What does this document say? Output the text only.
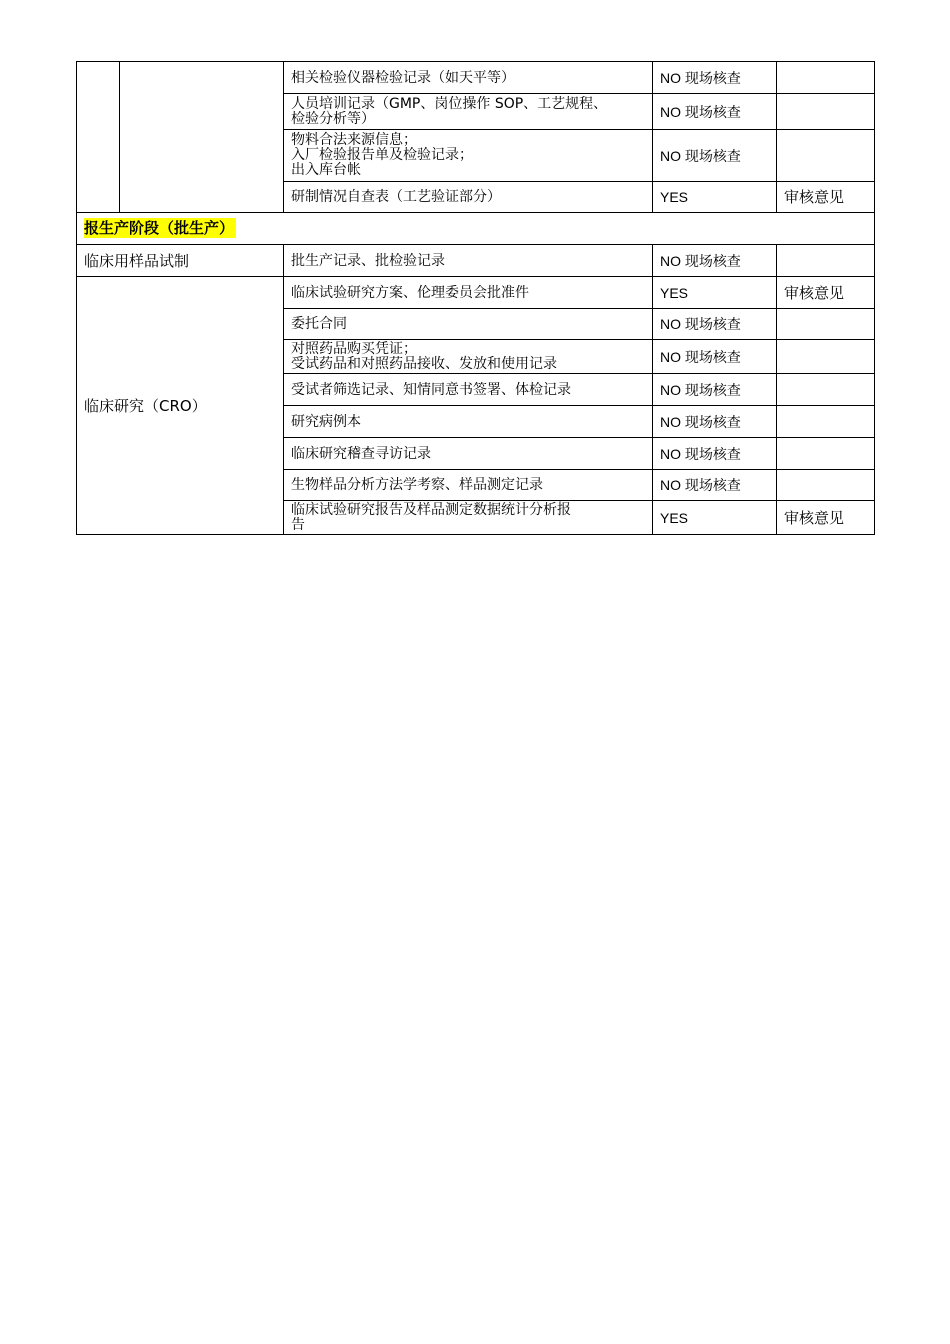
		相关检验仪器检验记录（如天平等）	NO 现场核查	

		人员培训记录（GMP、岗位操作 SOP、工艺规程、
检验分析等）	NO 现场核查	

		物料合法来源信息；
入厂检验报告单及检验记录；
出入库台帐	NO 现场核查	
		研制情况自查表（工艺验证部分）	YES	审核意见
报生产阶段（批生产）				
临床用样品试制		批生产记录、批检验记录	NO 现场核查	
临床研究（CRO）		临床试验研究方案、伦理委员会批准件	YES	审核意见
		委托合同	NO 现场核查	

		对照药品购买凭证；
受试药品和对照药品接收、发放和使用记录	NO 现场核查	
		受试者筛选记录、知情同意书签署、体检记录	NO 现场核查	
		研究病例本	NO 现场核查	
		临床研究稽查寻访记录	NO 现场核查	
		生物样品分析方法学考察、样品测定记录	NO 现场核查	

		临床试验研究报告及样品测定数据统计分析报
告	YES	审核意见
